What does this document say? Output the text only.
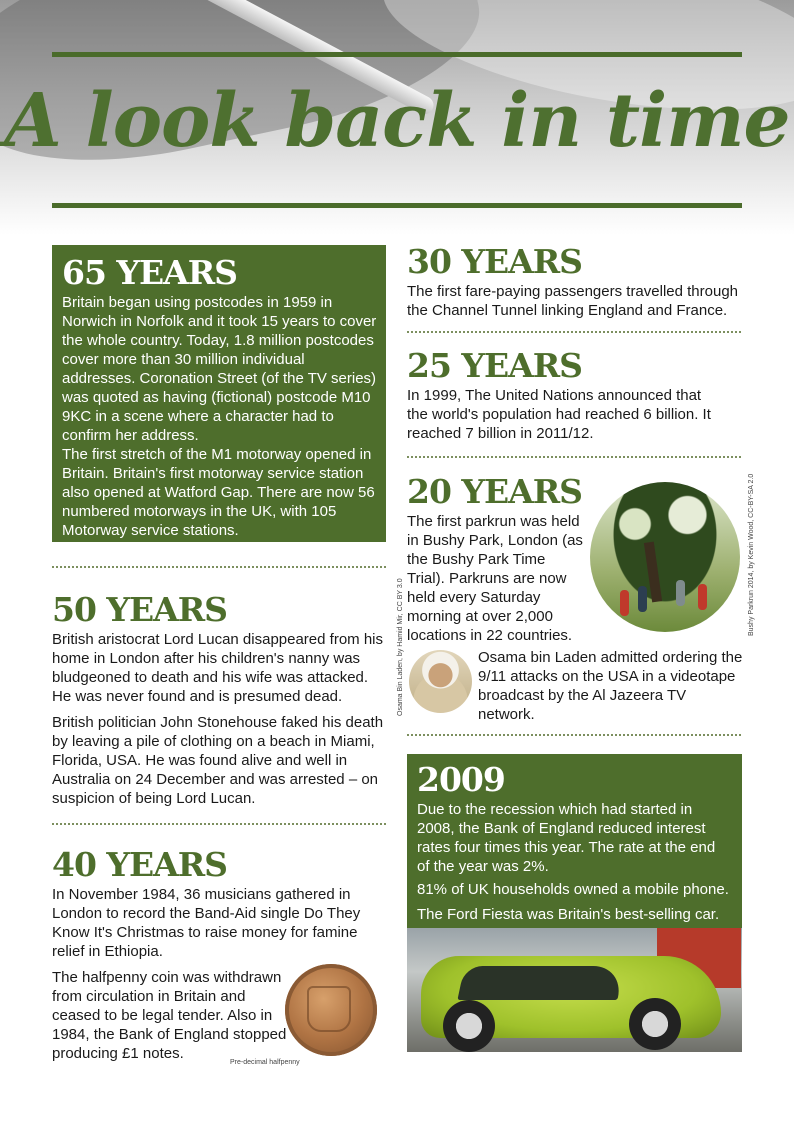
A look back in time
65 YEARS

Britain began using postcodes in 1959 in Norwich in Norfolk and it took 15 years to cover the whole country. Today, 1.8 million postcodes cover more than 30 million individual addresses. Coronation Street (of the TV series) was quoted as having (fictional) postcode M10 9KC in a scene where a character had to confirm her address.

The first stretch of the M1 motorway opened in Britain. Britain's first motorway service station also opened at Watford Gap. There are now 56 numbered motorways in the UK, with 105 Motorway service stations.

50 YEARS

British aristocrat Lord Lucan disappeared from his home in London after his children's nanny was bludgeoned to death and his wife was attacked. He was never found and is presumed dead.

British politician John Stonehouse faked his death by leaving a pile of clothing on a beach in Miami, Florida, USA. He was found alive and well in Australia on 24 December and was arrested – on suspicion of being Lord Lucan.

40 YEARS

In November 1984, 36 musicians gathered in London to record the Band-Aid single Do They Know It's Christmas to raise money for famine relief in Ethiopia.

The halfpenny coin was withdrawn from circulation in Britain and ceased to be legal tender. Also in 1984, the Bank of England stopped producing £1 notes.

Pre-decimal halfpenny
30 YEARS

The first fare-paying passengers travelled through the Channel Tunnel linking England and France.

25 YEARS

In 1999, The United Nations announced that the world's population had reached 6 billion. It reached 7 billion in 2011/12.

20 YEARS

The first parkrun was held in Bushy Park, London (as the Bushy Park Time Trial). Parkruns are now held every Saturday morning at over 2,000 locations in 22 countries.	Bushy Parkrun 2014, by Kevin Wood, CC-BY-SA 2.0
Osama Bin Laden, by Hamid Mir, CC BY 3.0	Osama bin Laden admitted ordering the 9/11 attacks on the USA in a videotape broadcast by the Al Jazeera TV network.

2009

Due to the recession which had started in 2008, the Bank of England reduced interest rates four times this year. The rate at the end of the year was 2%.

81% of UK households owned a mobile phone.

The Ford Fiesta was Britain's best-selling car.
